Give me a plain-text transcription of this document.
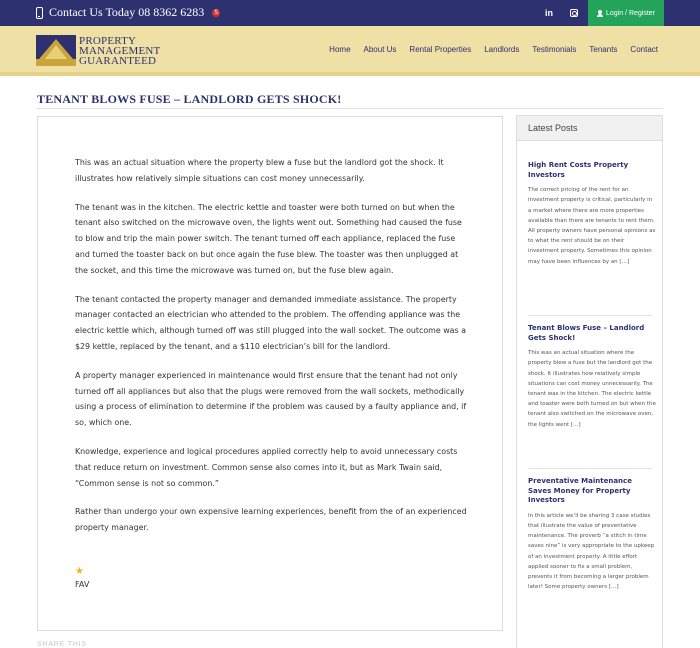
Contact Us Today 08 8362 6283	S	in	Login / Register
PROPERTY
MANAGEMENT
GUARANTEED
Home About Us Rental Properties Landlords Testimonials Tenants Contact
TENANT BLOWS FUSE – LANDLORD GETS SHOCK!

This was an actual situation where the property blew a fuse but the landlord got the shock. It illustrates how relatively simple situations can cost money unnecessarily.

The tenant was in the kitchen. The electric kettle and toaster were both turned on but when the tenant also switched on the microwave oven, the lights went out. Something had caused the fuse to blow and trip the main power switch. The tenant turned off each appliance, replaced the fuse and turned the toaster back on but once again the fuse blew. The toaster was then unplugged at the socket, and this time the microwave was turned on, but the fuse blew again.

The tenant contacted the property manager and demanded immediate assistance. The property manager contacted an electrician who attended to the problem. The offending appliance was the electric kettle which, although turned off was still plugged into the wall socket. The outcome was a $29 kettle, replaced by the tenant, and a $110 electrician’s bill for the landlord.

A property manager experienced in maintenance would first ensure that the tenant had not only turned off all appliances but also that the plugs were removed from the wall sockets, methodically using a process of elimination to determine if the problem was caused by a faulty appliance and, if so, which one.

Knowledge, experience and logical procedures applied correctly help to avoid unnecessary costs that reduce return on investment. Common sense also comes into it, but as Mark Twain said, “Common sense is not so common.”

Rather than undergo your own expensive learning experiences, benefit from the of an experienced property manager.

★
FAV
SHARE THIS
Latest Posts
High Rent Costs Property Investors
The correct pricing of the rent for an investment property is critical, particularly in a market where there are more properties available than there are tenants to rent them. All property owners have personal opinions as to what the rent should be on their investment property. Sometimes this opinion may have been influences by an […]
Tenant Blows Fuse – Landlord Gets Shock!
This was an actual situation where the property blew a fuse but the landlord got the shock. It illustrates how relatively simple situations can cost money unnecessarily. The tenant was in the kitchen. The electric kettle and toaster were both turned on but when the tenant also switched on the microwave oven, the lights went […]
Preventative Maintenance Saves Money for Property Investors
In this article we’ll be sharing 3 case studies that illustrate the value of preventative maintenance. The proverb “a stitch in time saves nine” is very appropriate to the upkeep of an investment property. A little effort applied sooner to fix a small problem, prevents it from becoming a larger problem later! Some property owners […]
